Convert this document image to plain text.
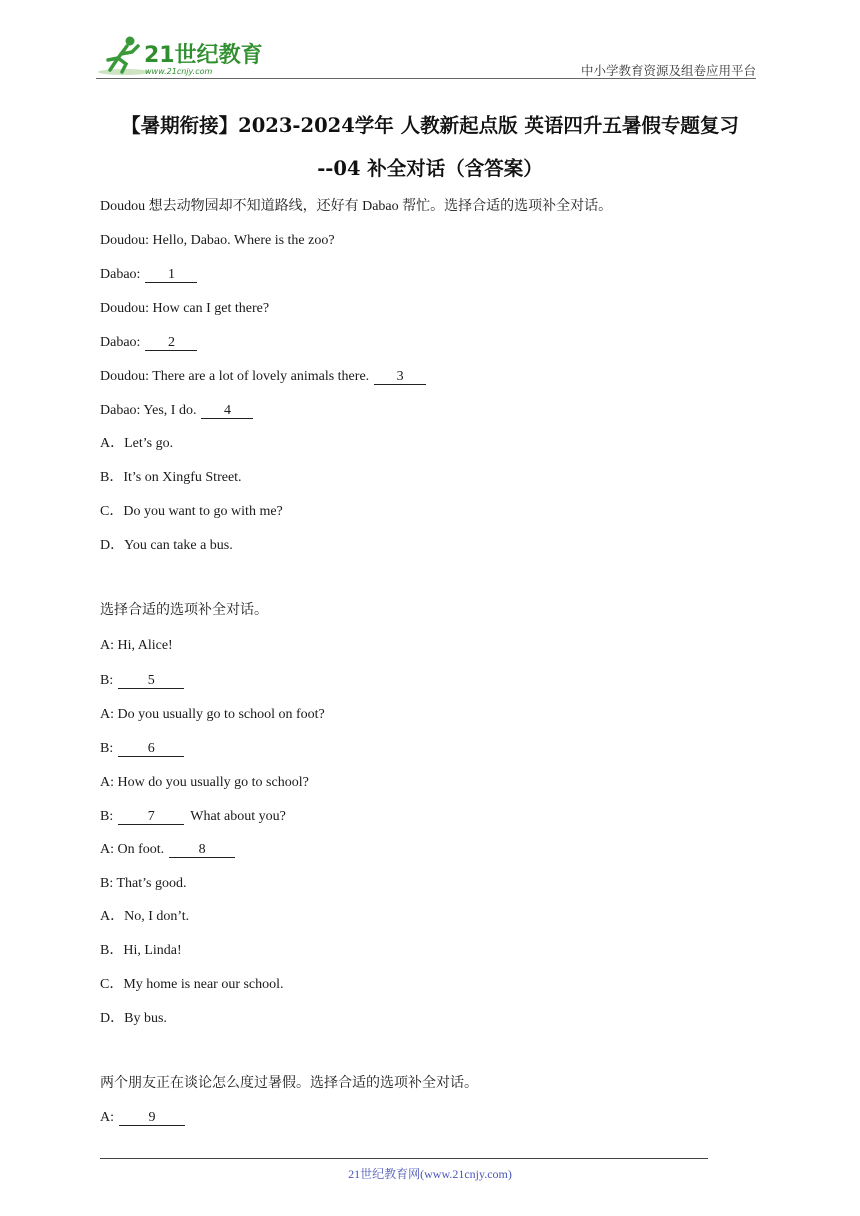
21世纪教育
www.21cnjy.com	中小学教育资源及组卷应用平台
【暑期衔接】2023-2024学年 人教新起点版 英语四升五暑假专题复习
--04 补全对话（含答案）
Doudou 想去动物园却不知道路线，还好有 Dabao 帮忙。选择合适的选项补全对话。
Doudou: Hello, Dabao. Where is the zoo?
Dabao: 1
Doudou: How can I get there?
Dabao: 2
Doudou: There are a lot of lovely animals there. 3
Dabao: Yes, I do. 4
A．Let’s go.
B．It’s on Xingfu Street.
C．Do you want to go with me?
D．You can take a bus.
选择合适的选项补全对话。
A: Hi, Alice!
B: 5
A: Do you usually go to school on foot?
B: 6
A: How do you usually go to school?
B: 7	What about you?
A: On foot. 8
B: That’s good.
A．No, I don’t.
B．Hi, Linda!
C．My home is near our school.
D．By bus.
两个朋友正在谈论怎么度过暑假。选择合适的选项补全对话。
A: 9
21世纪教育网(www.21cnjy.com)
